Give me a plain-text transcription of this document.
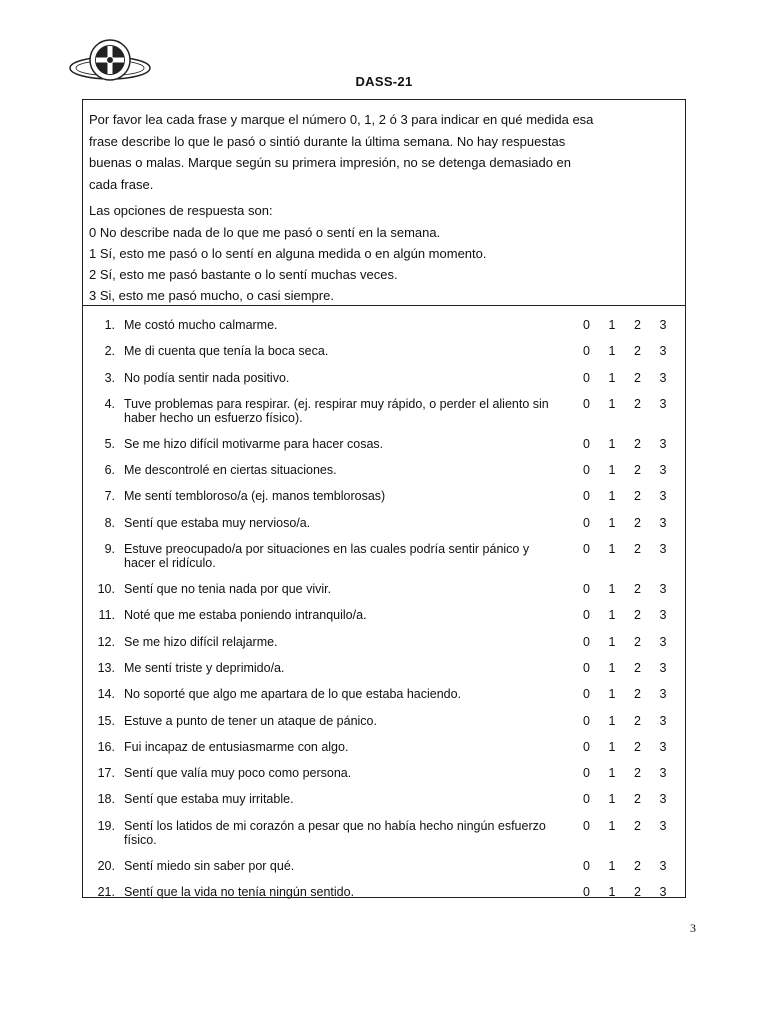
DASS-21

Por favor lea cada frase y marque el número 0, 1, 2 ó 3 para indicar en qué medida esa

frase describe lo que le pasó o sintió durante la última semana. No hay respuestas

buenas o malas. Marque según su primera impresión, no se detenga demasiado en

cada frase.

Las opciones de respuesta son:

0 No describe nada de lo que me pasó o sentí en la semana.

1 Sí, esto me pasó o lo sentí en alguna medida o en algún momento.

2 Sí, esto me pasó bastante o lo sentí muchas veces.

3 Si, esto me pasó mucho, o casi siempre.

1. Me costó mucho calmarme.	0	1	2	3
2. Me di cuenta que tenía la boca seca.	0	1	2	3
3. No podía sentir nada positivo.	0	1	2	3
4. Tuve problemas para respirar. (ej. respirar muy rápido, o perder el aliento sin haber hecho un esfuerzo físico).
0	1	2	3
5. Se me hizo difícil motivarme para hacer cosas.	0	1	2	3
6. Me descontrolé en ciertas situaciones.	0	1	2	3
7. Me sentí tembloroso/a (ej. manos temblorosas)	0	1	2	3
8. Sentí que estaba muy nervioso/a.	0	1	2	3
9. Estuve preocupado/a por situaciones en las cuales podría sentir pánico y hacer el ridículo.
0	1	2	3
10. Sentí que no tenia nada por que vivir.	0	1	2	3
11. Noté que me estaba poniendo intranquilo/a.	0	1	2	3
12. Se me hizo difícil relajarme.	0	1	2	3
13. Me sentí triste y deprimido/a.	0	1	2	3
14. No soporté que algo me apartara de lo que estaba haciendo.	0	1	2	3
15. Estuve a punto de tener un ataque de pánico.	0	1	2	3
16. Fui incapaz de entusiasmarme con algo.	0	1	2	3
17. Sentí que valía muy poco como persona.	0	1	2	3
18. Sentí que estaba muy irritable.	0	1	2	3
19. Sentí los latidos de mi corazón a pesar que no había hecho ningún esfuerzo físico.
0	1	2	3
20. Sentí miedo sin saber por qué.	0	1	2	3
21. Sentí que la vida no tenía ningún sentido.	0	1	2	3
3
